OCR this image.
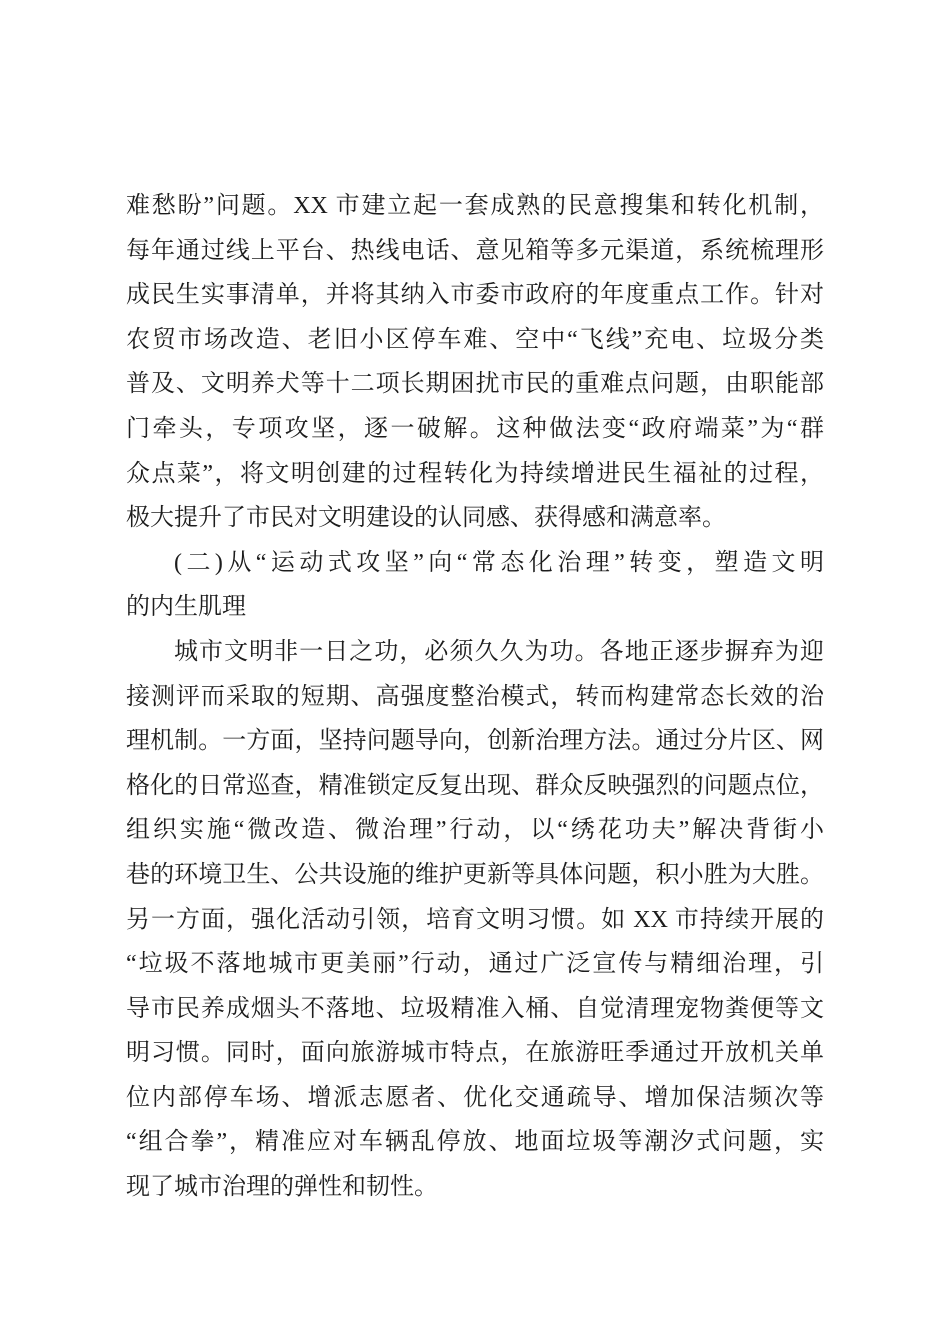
难愁盼”问题。XX 市建立起一套成熟的民意搜集和转化机制，
每年通过线上平台、热线电话、意见箱等多元渠道，系统梳理形
成民生实事清单，并将其纳入市委市政府的年度重点工作。针对
农贸市场改造、老旧小区停车难、空中“飞线”充电、垃圾分类
普及、文明养犬等十二项长期困扰市民的重难点问题，由职能部
门牵头，专项攻坚，逐一破解。这种做法变“政府端菜”为“群
众点菜”，将文明创建的过程转化为持续增进民生福祉的过程，
极大提升了市民对文明建设的认同感、获得感和满意率。
(二)从“运动式攻坚”向“常态化治理”转变，塑造文明
的内生肌理
城市文明非一日之功，必须久久为功。各地正逐步摒弃为迎
接测评而采取的短期、高强度整治模式，转而构建常态长效的治
理机制。一方面，坚持问题导向，创新治理方法。通过分片区、网
格化的日常巡查，精准锁定反复出现、群众反映强烈的问题点位，
组织实施“微改造、微治理”行动，以“绣花功夫”解决背街小
巷的环境卫生、公共设施的维护更新等具体问题，积小胜为大胜。
另一方面，强化活动引领，培育文明习惯。如 XX 市持续开展的
“垃圾不落地城市更美丽”行动，通过广泛宣传与精细治理，引
导市民养成烟头不落地、垃圾精准入桶、自觉清理宠物粪便等文
明习惯。同时，面向旅游城市特点，在旅游旺季通过开放机关单
位内部停车场、增派志愿者、优化交通疏导、增加保洁频次等
“组合拳”，精准应对车辆乱停放、地面垃圾等潮汐式问题，实
现了城市治理的弹性和韧性。
